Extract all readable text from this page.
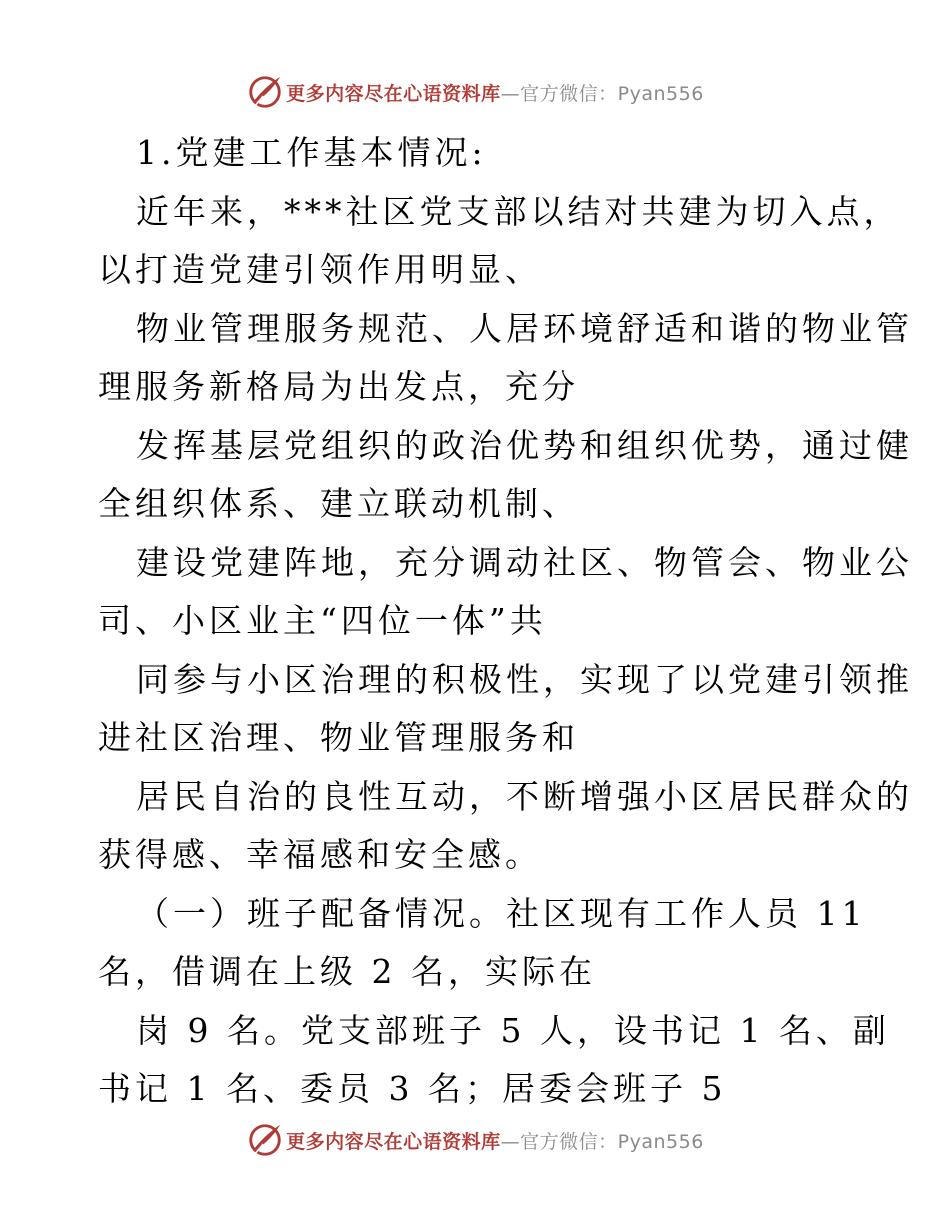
更多内容尽在心语资料库 —官方微信：Pyan556
1.党建工作基本情况:
近年来，***社区党支部以结对共建为切入点，
以打造党建引领作用明显、
物业管理服务规范、人居环境舒适和谐的物业管
理服务新格局为出发点，充分
发挥基层党组织的政治优势和组织优势，通过健
全组织体系、建立联动机制、
建设党建阵地，充分调动社区、物管会、物业公
司、小区业主“四位一体”共
同参与小区治理的积极性，实现了以党建引领推
进社区治理、物业管理服务和
居民自治的良性互动，不断增强小区居民群众的
获得感、幸福感和安全感。
（一）班子配备情况。社区现有工作人员 11
名，借调在上级 2 名，实际在
岗 9 名。党支部班子 5 人，设书记 1 名、副
书记 1 名、委员 3 名；居委会班子 5
更多内容尽在心语资料库 —官方微信：Pyan556
